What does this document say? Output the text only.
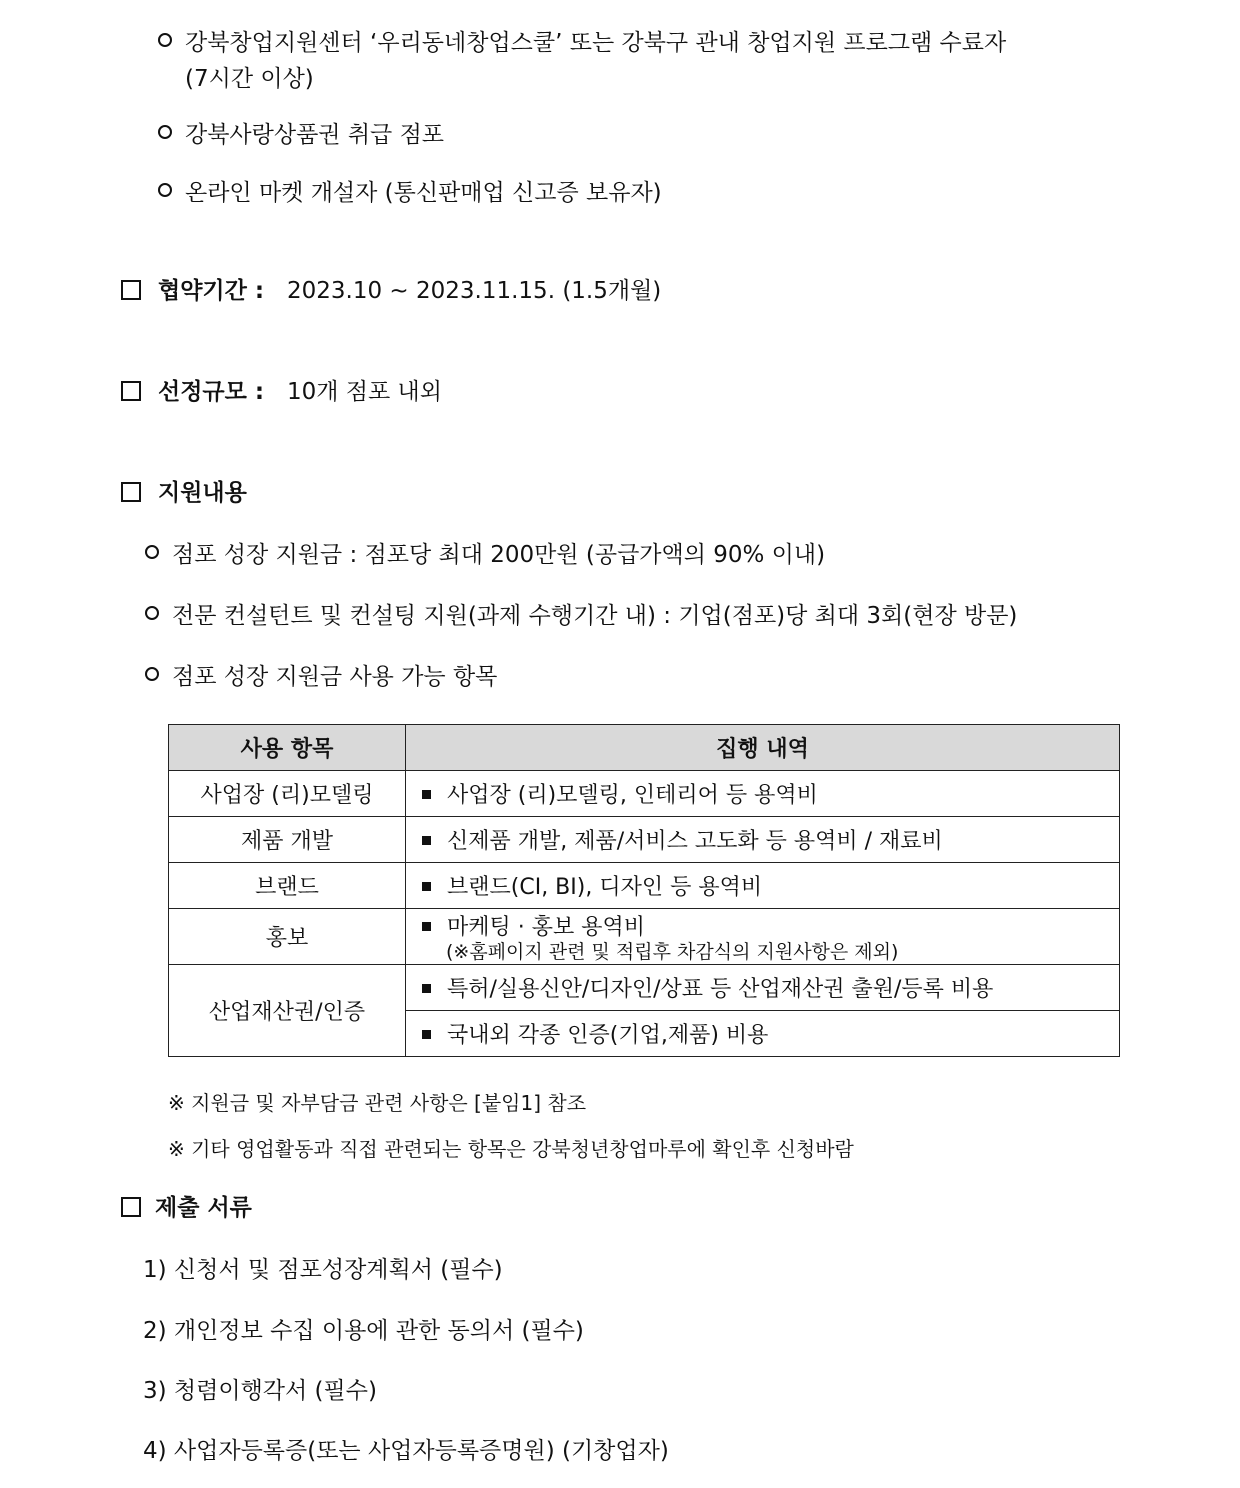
강북창업지원센터 ‘우리동네창업스쿨’ 또는 강북구 관내 창업지원 프로그램 수료자
(7시간 이상)
강북사랑상품권 취급 점포
온라인 마켓 개설자 (통신판매업 신고증 보유자)
협약기간 : 2023.10 ~ 2023.11.15. (1.5개월)
선정규모 : 10개 점포 내외
지원내용
점포 성장 지원금 : 점포당 최대 200만원 (공급가액의 90% 이내)
전문 컨설턴트 및 컨설팅 지원(과제 수행기간 내) : 기업(점포)당 최대 3회(현장 방문)
점포 성장 지원금 사용 가능 항목
사용 항목	집행 내역
사업장 (리)모델링	사업장 (리)모델링, 인테리어 등 용역비
제품 개발	신제품 개발, 제품/서비스 고도화 등 용역비 / 재료비
브랜드	브랜드(CI, BI), 디자인 등 용역비
홍보	마케팅 · 홍보 용역비
(※홈페이지 관련 및 적립후 차감식의 지원사항은 제외)

산업재산권/인증	특허/실용신안/디자인/상표 등 산업재산권 출원/등록 비용
	국내외 각종 인증(기업,제품) 비용
※ 지원금 및 자부담금 관련 사항은 [붙임1] 참조
※ 기타 영업활동과 직접 관련되는 항목은 강북청년창업마루에 확인후 신청바람
제출 서류
1) 신청서 및 점포성장계획서 (필수)
2) 개인정보 수집 이용에 관한 동의서 (필수)
3) 청렴이행각서 (필수)
4) 사업자등록증(또는 사업자등록증명원) (기창업자)
